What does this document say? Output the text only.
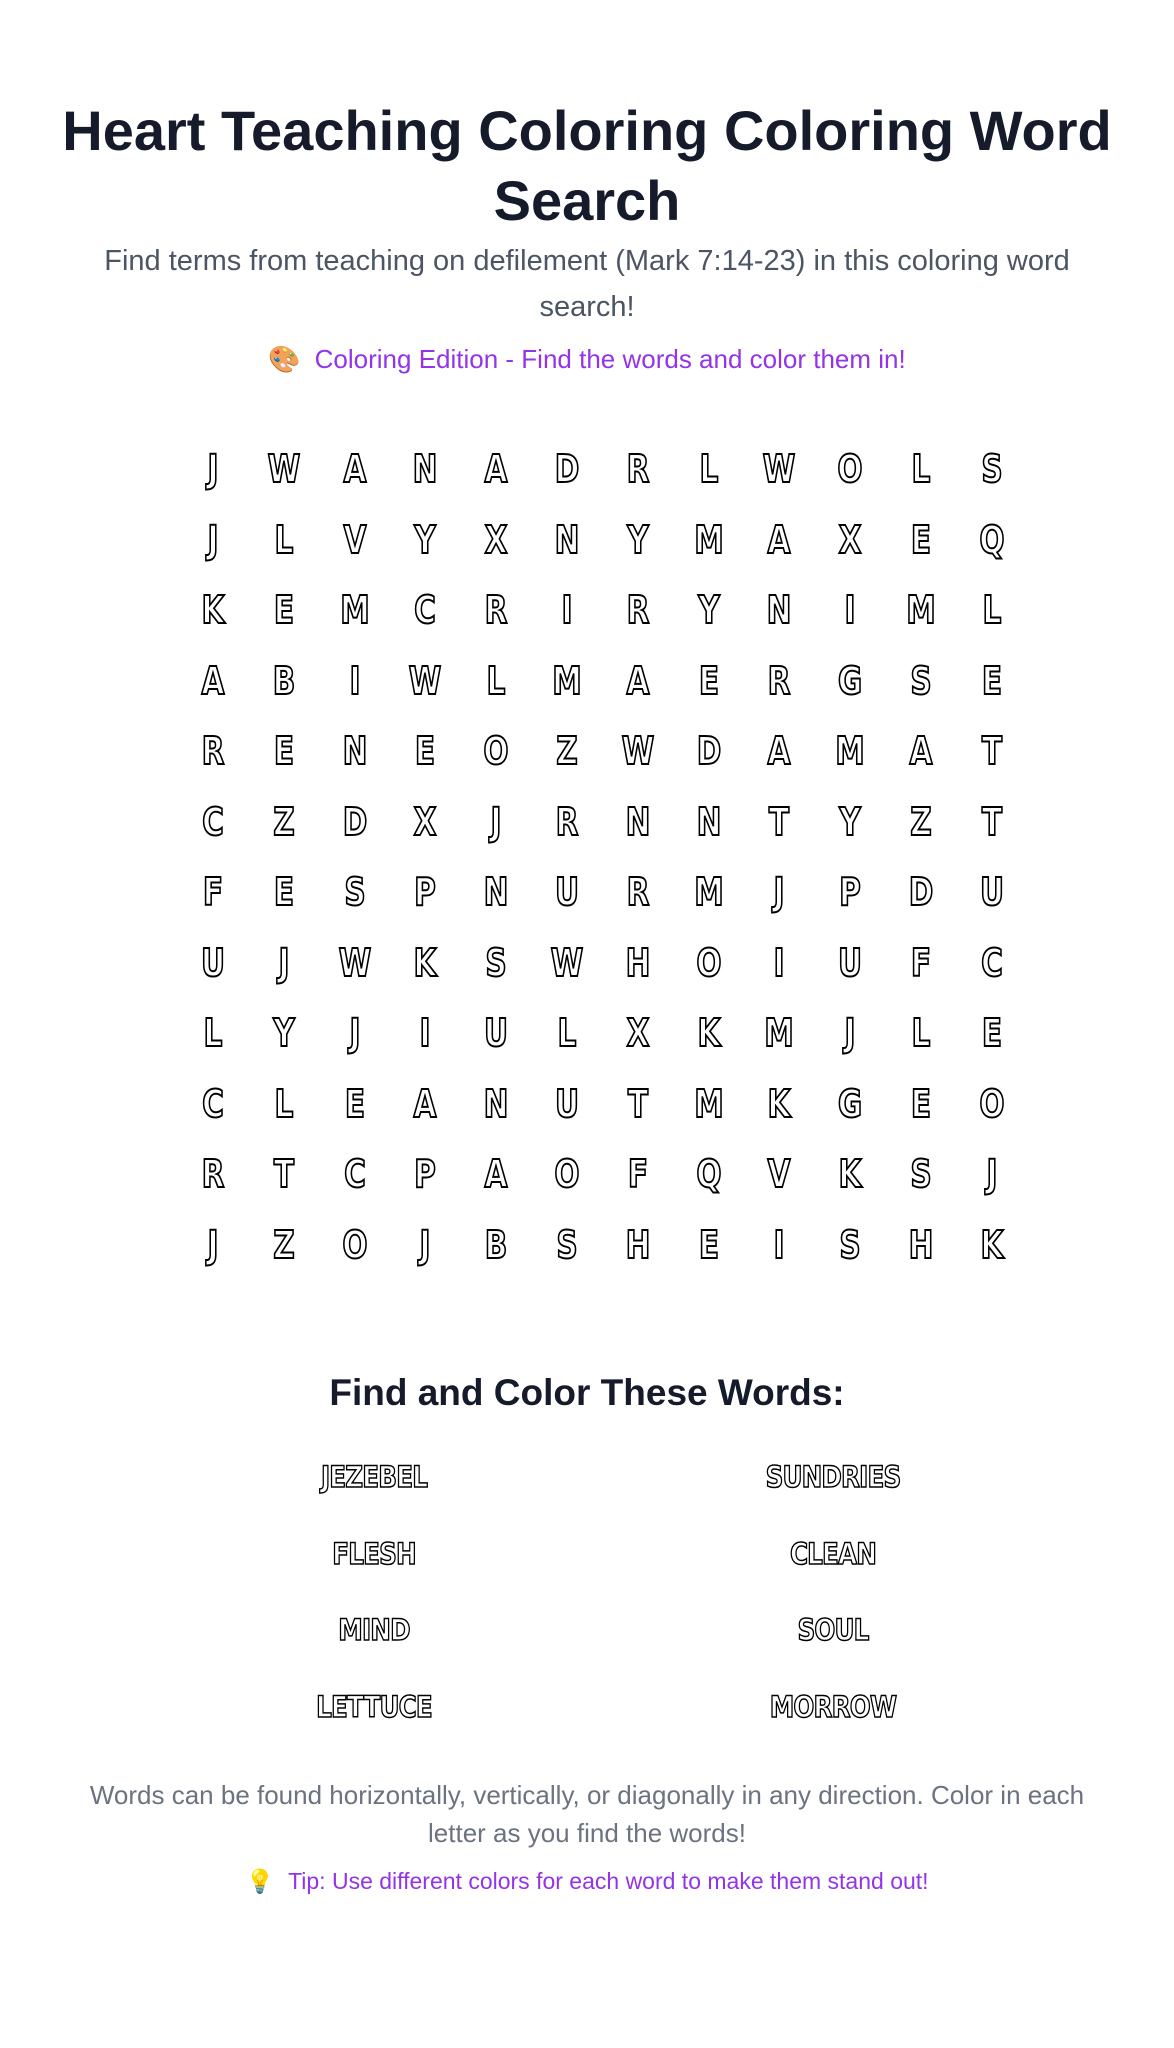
Heart Teaching Coloring Coloring Word Search

Find terms from teaching on defilement (Mark 7:14-23) in this coloring word search!

🎨 Coloring Edition - Find the words and color them in!
J	W	A	N	A	D	R	L	W	O	L	S
J	L	V	Y	X	N	Y	M	A	X	E	Q
K	E	M	C	R	I	R	Y	N	I	M	L
A	B	I	W	L	M	A	E	R	G	S	E
R	E	N	E	O	Z	W	D	A	M	A	T
C	Z	D	X	J	R	N	N	T	Y	Z	T
F	E	S	P	N	U	R	M	J	P	D	U
U	J	W	K	S	W	H	O	I	U	F	C
L	Y	J	I	U	L	X	K	M	J	L	E
C	L	E	A	N	U	T	M	K	G	E	O
R	T	C	P	A	O	F	Q	V	K	S	J
J	Z	O	J	B	S	H	E	I	S	H	K
Find and Color These Words:
JEZEBEL	SUNDRIES
FLESH	CLEAN
MIND	SOUL
LETTUCE	MORROW

Words can be found horizontally, vertically, or diagonally in any direction. Color in each letter as you find the words!

💡 Tip: Use different colors for each word to make them stand out!
